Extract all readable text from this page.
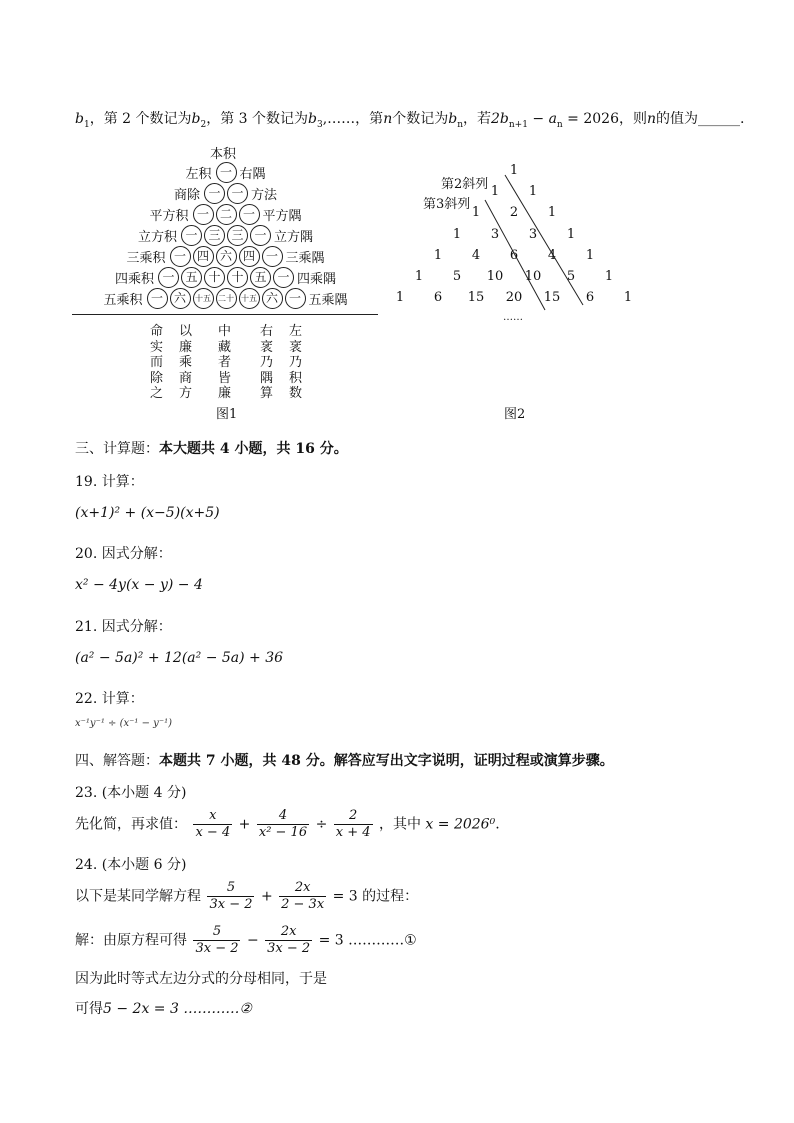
$b_1$，第 2 个数记为$b_2$，第 3 个数记为$b_3,\dots\dots$，第n个数记为$b_n$，若$2b_{n+1} - a_n = 2026$，则n的值为______.
本积
左积 一 右隅
商除 一 一 方法
平方积 一 二 一 平方隅
立方积 一 三 三 一 立方隅
三乘积 一 四 六 四 一 三乘隅
四乘积 一 五 十 十 五 一 四乘隅
五乘积 一 六	十五 二十 十五 六 一 五乘隅
命
实
而
除
之
以
廉
乘
商
方
中
藏
者
皆
廉
右
衺
乃
隅
算
左
衺
乃
积
数
图1
第2斜列
第3斜列
1
1	1
1	2	1
1	3	3	1
1	4	6	4	1
1	5	10 10	5	1
1	6	15 20 15	6	1
……
图2
三、计算题：本大题共 4 小题，共 16 分。
19. 计算：
(x+1)² + (x−5)(x+5)
20. 因式分解：
x² − 4y(x − y) − 4
21. 因式分解：
(a² − 5a)² + 12(a² − 5a) + 36
22. 计算：
x⁻¹y⁻¹ ÷ (x⁻¹ − y⁻¹)
四、解答题：本题共 7 小题，共 48 分。解答应写出文字说明，证明过程或演算步骤。
23. (本小题 4 分)
先化简，再求值： $\frac{x}{x - 4} + \frac{4}{\text{x² − 16}} \div \frac{2}{x + 4}$ ，其中 x = 2026⁰.
24. (本小题 6 分)
以下是某同学解方程 $\frac{5}{3x - 2} + \frac{2x}{2 - 3x} = 3$ 的过程：
解：由原方程可得 $\frac{5}{3x - 2} - \frac{2x}{3x - 2} = 3$ …………①
因为此时等式左边分式的分母相同，于是
可得5 − 2x = 3 …………②
